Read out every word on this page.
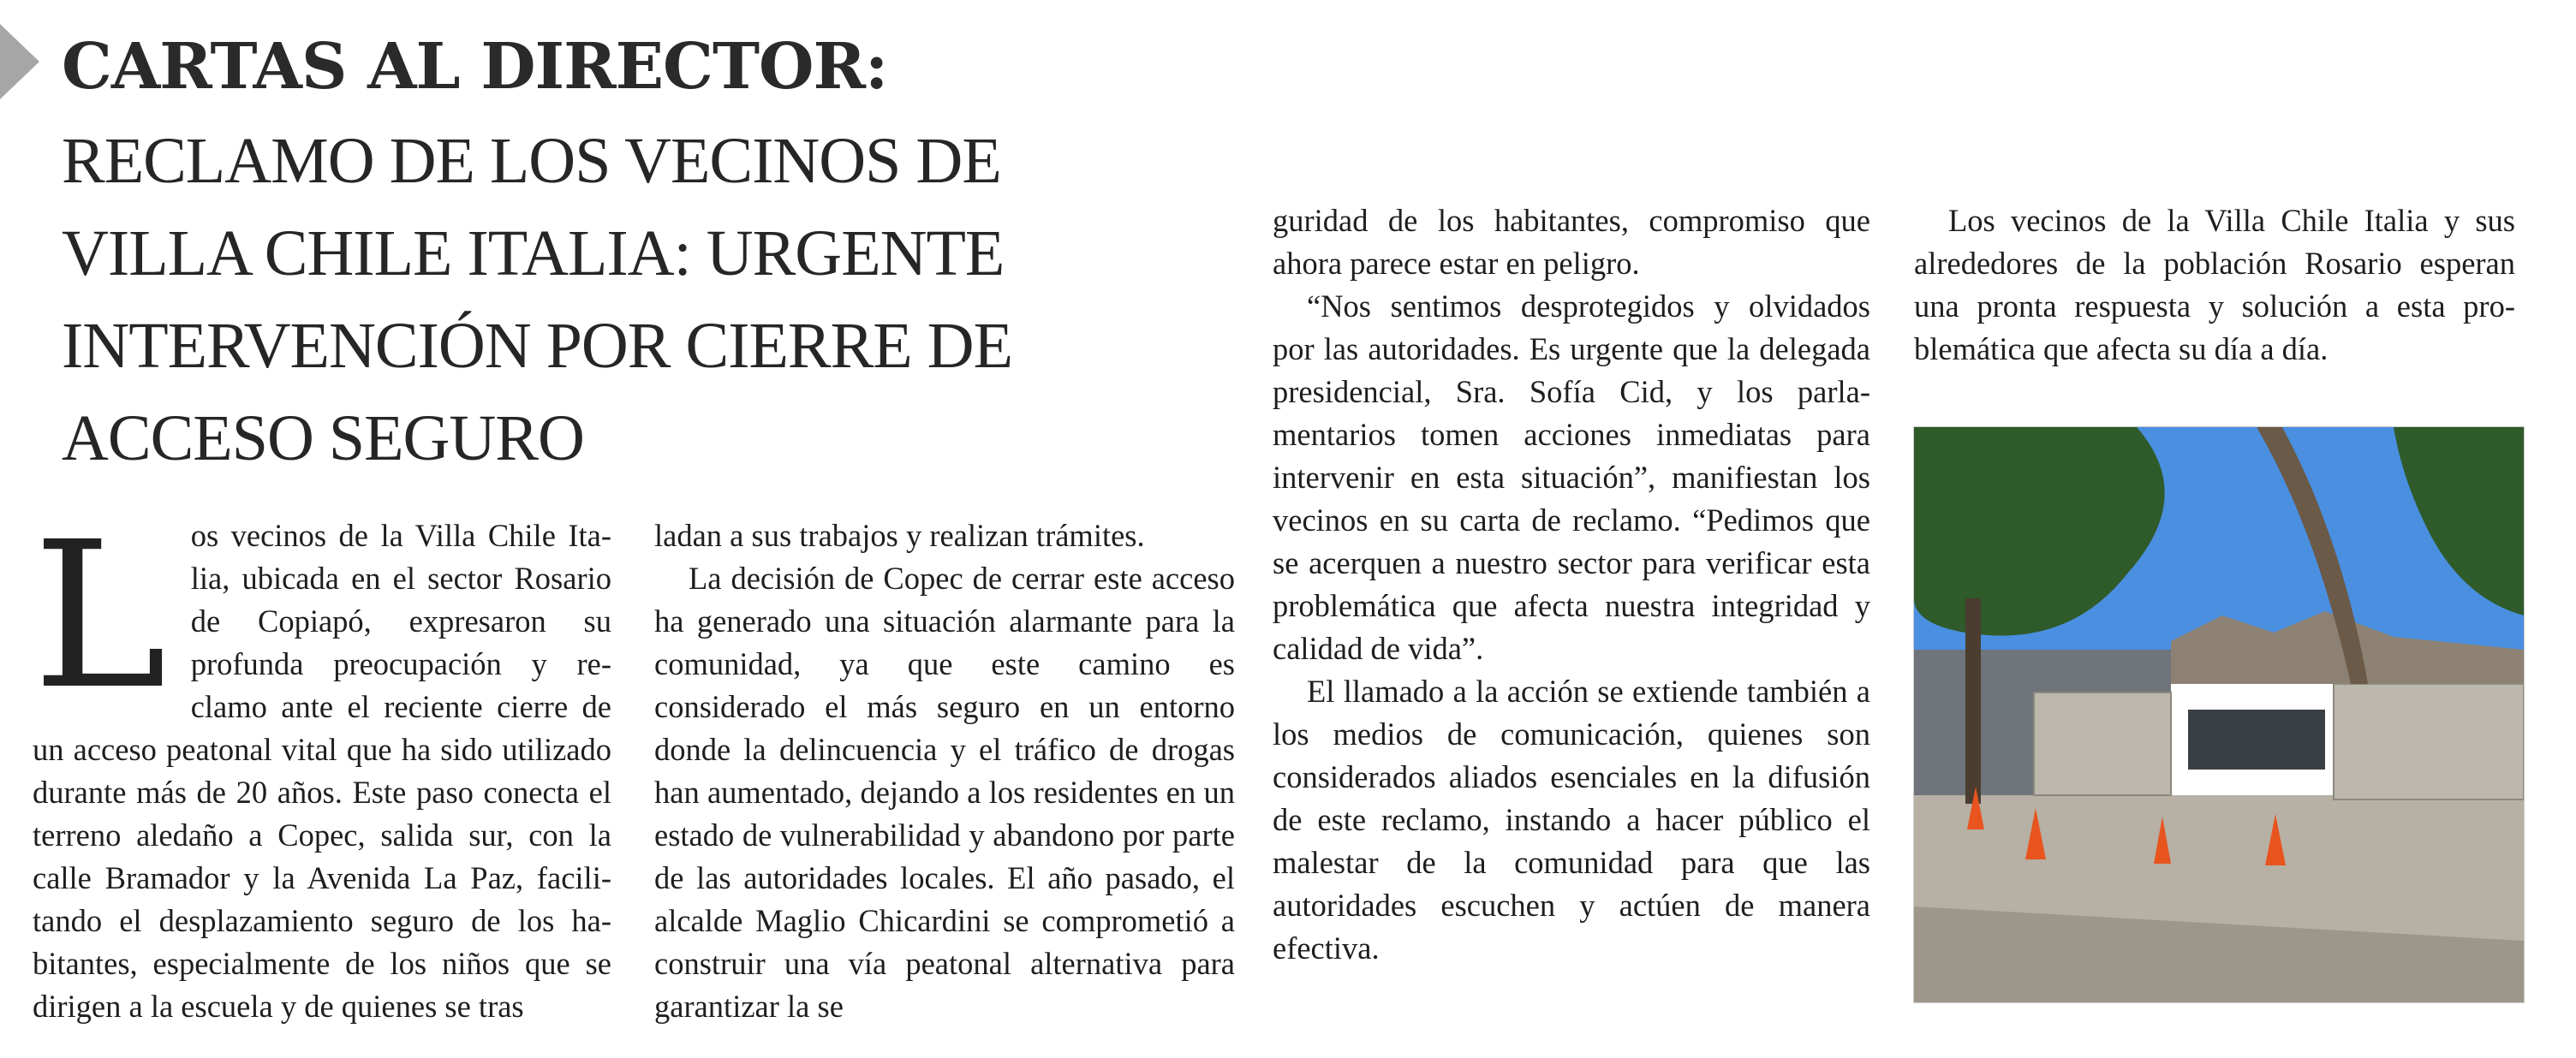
CARTAS AL DIRECTOR:
RECLAMO DE LOS VECINOS DE VILLA CHILE ITALIA: URGENTE INTERVENCIÓN POR CIERRE DE ACCESO SEGURO
L os vecinos de la Villa Chile Italia, ubicada en el sector Rosario de Copiapó, expresaron su profunda preocupación y reclamo ante el reciente cierre de un acceso peatonal vital que ha sido utilizado durante más de 20 años. Este paso conecta el terreno aledaño a Copec, salida sur, con la calle Bramador y la Avenida La Paz, facilitando el desplazamiento seguro de los habitantes, especialmente de los niños que se dirigen a la escuela y de quienes se tras

ladan a sus trabajos y realizan trámites.

La decisión de Copec de cerrar este acceso ha generado una situación alarmante para la comunidad, ya que este camino es considerado el más seguro en un entorno donde la delincuencia y el tráfico de drogas han aumentado, dejando a los residentes en un estado de vulnerabilidad y abandono por parte de las autoridades locales. El año pasado, el alcalde Maglio Chicardini se comprometió a construir una vía peatonal alternativa para garantizar la se

guridad de los habitantes, compromiso que ahora parece estar en peligro.

“Nos sentimos desprotegidos y olvidados por las autoridades. Es urgente que la delegada presidencial, Sra. Sofía Cid, y los parlamentarios tomen acciones inmediatas para intervenir en esta situación”, manifiestan los vecinos en su carta de reclamo. “Pedimos que se acerquen a nuestro sector para verificar esta problemática que afecta nuestra integridad y calidad de vida”.

El llamado a la acción se extiende también a los medios de comunicación, quienes son considerados aliados esenciales en la difusión de este reclamo, instando a hacer público el malestar de la comunidad para que las autoridades escuchen y actúen de manera efectiva.

Los vecinos de la Villa Chile Italia y sus alrededores de la población Rosario esperan una pronta respuesta y solución a esta problemática que afecta su día a día.
